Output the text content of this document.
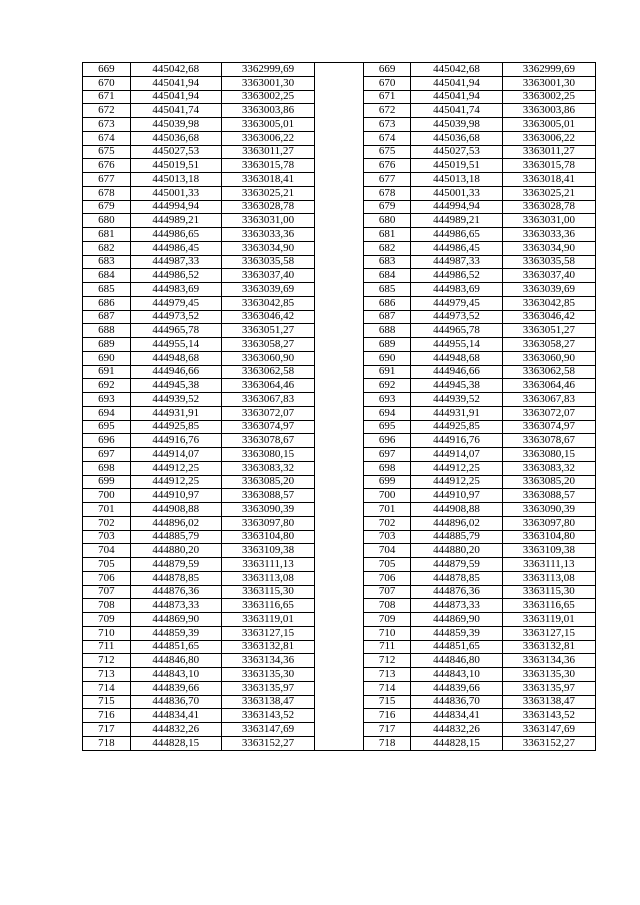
669	445042,68	3362999,69		669	445042,68	3362999,69
670	445041,94	3363001,30		670	445041,94	3363001,30
671	445041,94	3363002,25		671	445041,94	3363002,25
672	445041,74	3363003,86		672	445041,74	3363003,86
673	445039,98	3363005,01		673	445039,98	3363005,01
674	445036,68	3363006,22		674	445036,68	3363006,22
675	445027,53	3363011,27		675	445027,53	3363011,27
676	445019,51	3363015,78		676	445019,51	3363015,78
677	445013,18	3363018,41		677	445013,18	3363018,41
678	445001,33	3363025,21		678	445001,33	3363025,21
679	444994,94	3363028,78		679	444994,94	3363028,78
680	444989,21	3363031,00		680	444989,21	3363031,00
681	444986,65	3363033,36		681	444986,65	3363033,36
682	444986,45	3363034,90		682	444986,45	3363034,90
683	444987,33	3363035,58		683	444987,33	3363035,58
684	444986,52	3363037,40		684	444986,52	3363037,40
685	444983,69	3363039,69		685	444983,69	3363039,69
686	444979,45	3363042,85		686	444979,45	3363042,85
687	444973,52	3363046,42		687	444973,52	3363046,42
688	444965,78	3363051,27		688	444965,78	3363051,27
689	444955,14	3363058,27		689	444955,14	3363058,27
690	444948,68	3363060,90		690	444948,68	3363060,90
691	444946,66	3363062,58		691	444946,66	3363062,58
692	444945,38	3363064,46		692	444945,38	3363064,46
693	444939,52	3363067,83		693	444939,52	3363067,83
694	444931,91	3363072,07		694	444931,91	3363072,07
695	444925,85	3363074,97		695	444925,85	3363074,97
696	444916,76	3363078,67		696	444916,76	3363078,67
697	444914,07	3363080,15		697	444914,07	3363080,15
698	444912,25	3363083,32		698	444912,25	3363083,32
699	444912,25	3363085,20		699	444912,25	3363085,20
700	444910,97	3363088,57		700	444910,97	3363088,57
701	444908,88	3363090,39		701	444908,88	3363090,39
702	444896,02	3363097,80		702	444896,02	3363097,80
703	444885,79	3363104,80		703	444885,79	3363104,80
704	444880,20	3363109,38		704	444880,20	3363109,38
705	444879,59	3363111,13		705	444879,59	3363111,13
706	444878,85	3363113,08		706	444878,85	3363113,08
707	444876,36	3363115,30		707	444876,36	3363115,30
708	444873,33	3363116,65		708	444873,33	3363116,65
709	444869,90	3363119,01		709	444869,90	3363119,01
710	444859,39	3363127,15		710	444859,39	3363127,15
711	444851,65	3363132,81		711	444851,65	3363132,81
712	444846,80	3363134,36		712	444846,80	3363134,36
713	444843,10	3363135,30		713	444843,10	3363135,30
714	444839,66	3363135,97		714	444839,66	3363135,97
715	444836,70	3363138,47		715	444836,70	3363138,47
716	444834,41	3363143,52		716	444834,41	3363143,52
717	444832,26	3363147,69		717	444832,26	3363147,69
718	444828,15	3363152,27		718	444828,15	3363152,27
